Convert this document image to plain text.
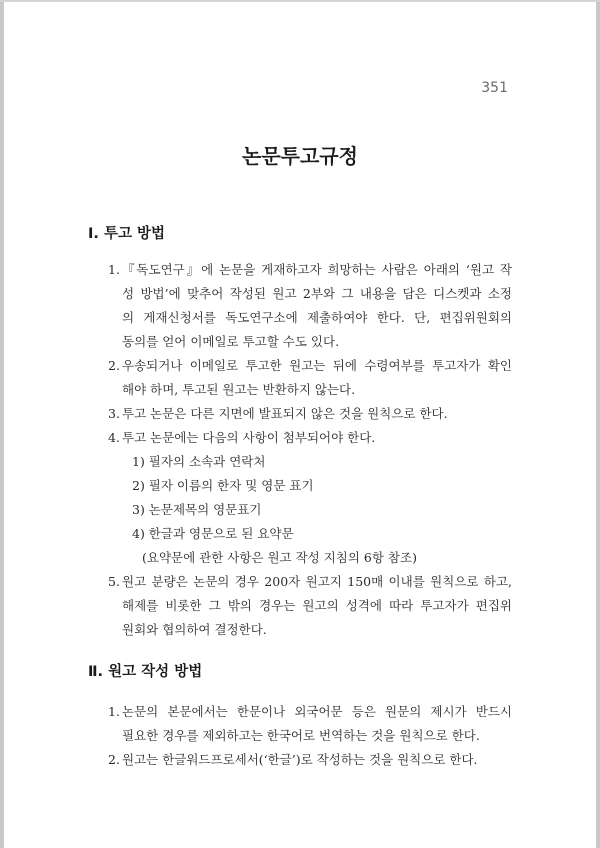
351
논문투고규정
Ⅰ. 투고 방법
1. 『독도연구』에 논문을 게재하고자 희망하는 사람은 아래의 ‘원고 작
성 방법’에 맞추어 작성된 원고 2부와 그 내용을 담은 디스켓과 소정
의 게재신청서를 독도연구소에 제출하여야 한다. 단, 편집위원회의
동의를 얻어 이메일로 투고할 수도 있다.
2. 우송되거나 이메일로 투고한 원고는 뒤에 수령여부를 투고자가 확인
해야 하며, 투고된 원고는 반환하지 않는다.
3. 투고 논문은 다른 지면에 발표되지 않은 것을 원칙으로 한다.
4. 투고 논문에는 다음의 사항이 첨부되어야 한다.
1) 필자의 소속과 연락처
2) 필자 이름의 한자 및 영문 표기
3) 논문제목의 영문표기
4) 한글과 영문으로 된 요약문
(요약문에 관한 사항은 원고 작성 지침의 6항 참조)
5. 원고 분량은 논문의 경우 200자 원고지 150매 이내를 원칙으로 하고,
해제를 비롯한 그 밖의 경우는 원고의 성격에 따라 투고자가 편집위
원회와 협의하여 결정한다.
Ⅱ. 원고 작성 방법
1. 논문의 본문에서는 한문이나 외국어문 등은 원문의 제시가 반드시
필요한 경우를 제외하고는 한국어로 번역하는 것을 원칙으로 한다.
2. 원고는 한글워드프로세서(‘한글’)로 작성하는 것을 원칙으로 한다.
